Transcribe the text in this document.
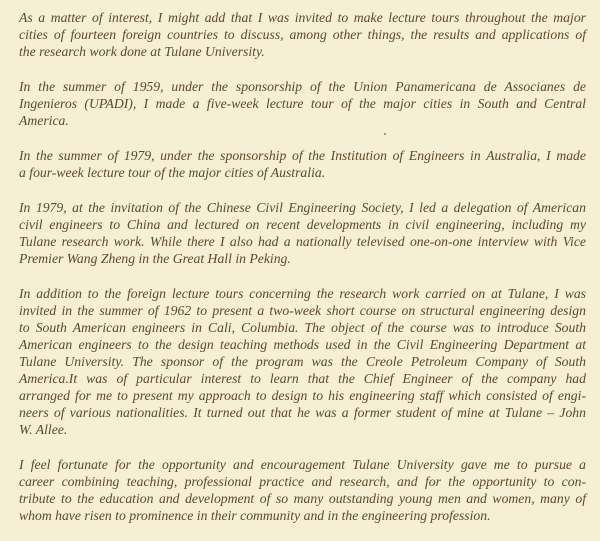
As a matter of interest, I might add that I was invited to make lecture tours throughout the major
cities of fourteen foreign countries to discuss, among other things, the results and applications of
the research work done at Tulane University.

In the summer of 1959, under the sponsorship of the Union Panamericana de Associanes de
Ingenieros (UPADI), I made a five-week lecture tour of the major cities in South and Central
America.

In the summer of 1979, under the sponsorship of the Institution of Engineers in Australia, I made
a four-week lecture tour of the major cities of Australia.

In 1979, at the invitation of the Chinese Civil Engineering Society, I led a delegation of American
civil engineers to China and lectured on recent developments in civil engineering, including my
Tulane research work. While there I also had a nationally televised one-on-one interview with Vice
Premier Wang Zheng in the Great Hall in Peking.

In addition to the foreign lecture tours concerning the research work carried on at Tulane, I was
invited in the summer of 1962 to present a two-week short course on structural engineering design
to South American engineers in Cali, Columbia. The object of the course was to introduce South
American engineers to the design teaching methods used in the Civil Engineering Department at
Tulane University. The sponsor of the program was the Creole Petroleum Company of South
America.It was of particular interest to learn that the Chief Engineer of the company had
arranged for me to present my approach to design to his engineering staff which consisted of engi-
neers of various nationalities. It turned out that he was a former student of mine at Tulane – John
W. Allee.

I feel fortunate for the opportunity and encouragement Tulane University gave me to pursue a
career combining teaching, professional practice and research, and for the opportunity to con-
tribute to the education and development of so many outstanding young men and women, many of
whom have risen to prominence in their community and in the engineering profession.
